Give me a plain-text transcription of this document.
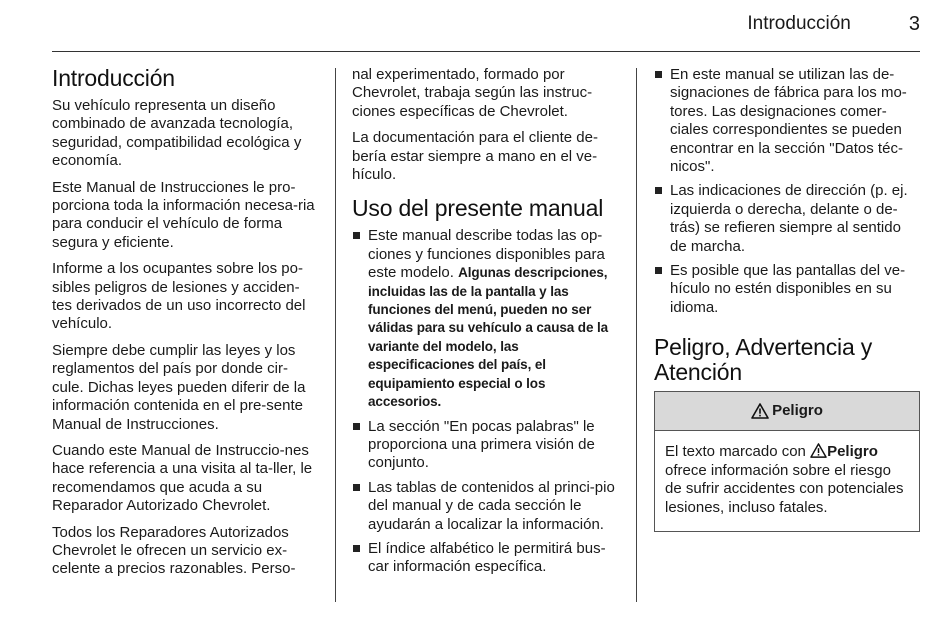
Introducción	3
Introducción

Su vehículo representa un diseño combinado de avanzada tecnología, seguridad, compatibilidad ecológica y economía.

Este Manual de Instrucciones le pro-porciona toda la información necesa-ria para conducir el vehículo de forma segura y eficiente.

Informe a los ocupantes sobre los po-sibles peligros de lesiones y acciden-tes derivados de un uso incorrecto del vehículo.

Siempre debe cumplir las leyes y los reglamentos del país por donde cir-cule. Dichas leyes pueden diferir de la información contenida en el pre-sente Manual de Instrucciones.

Cuando este Manual de Instruccio-nes hace referencia a una visita al ta-ller, le recomendamos que acuda a su Reparador Autorizado Chevrolet.

Todos los Reparadores Autorizados Chevrolet le ofrecen un servicio ex-celente a precios razonables. Perso-

nal experimentado, formado por Chevrolet, trabaja según las instruc-ciones específicas de Chevrolet.

La documentación para el cliente de-bería estar siempre a mano en el ve-hículo.

Uso del presente manual
Este manual describe todas las op-ciones y funciones disponibles para este modelo. Algunas descripciones, incluidas las de la pantalla y las funciones del menú, pueden no ser válidas para su vehículo a causa de la variante del modelo, las especificaciones del país, el equipamiento especial o los accesorios.
La sección "En pocas palabras" le proporciona una primera visión de conjunto.
Las tablas de contenidos al princi-pio del manual y de cada sección le ayudarán a localizar la información.
El índice alfabético le permitirá bus-car información específica.
En este manual se utilizan las de-signaciones de fábrica para los mo-tores. Las designaciones comer-ciales correspondientes se pueden encontrar en la sección "Datos téc-nicos".
Las indicaciones de dirección (p. ej. izquierda o derecha, delante o de-trás) se refieren siempre al sentido de marcha.
Es posible que las pantallas del ve-hículo no estén disponibles en su idioma.
Peligro, Advertencia y Atención
Peligro
El texto marcado con Peligro ofrece información sobre el riesgo de sufrir accidentes con potenciales lesiones, incluso fatales.
